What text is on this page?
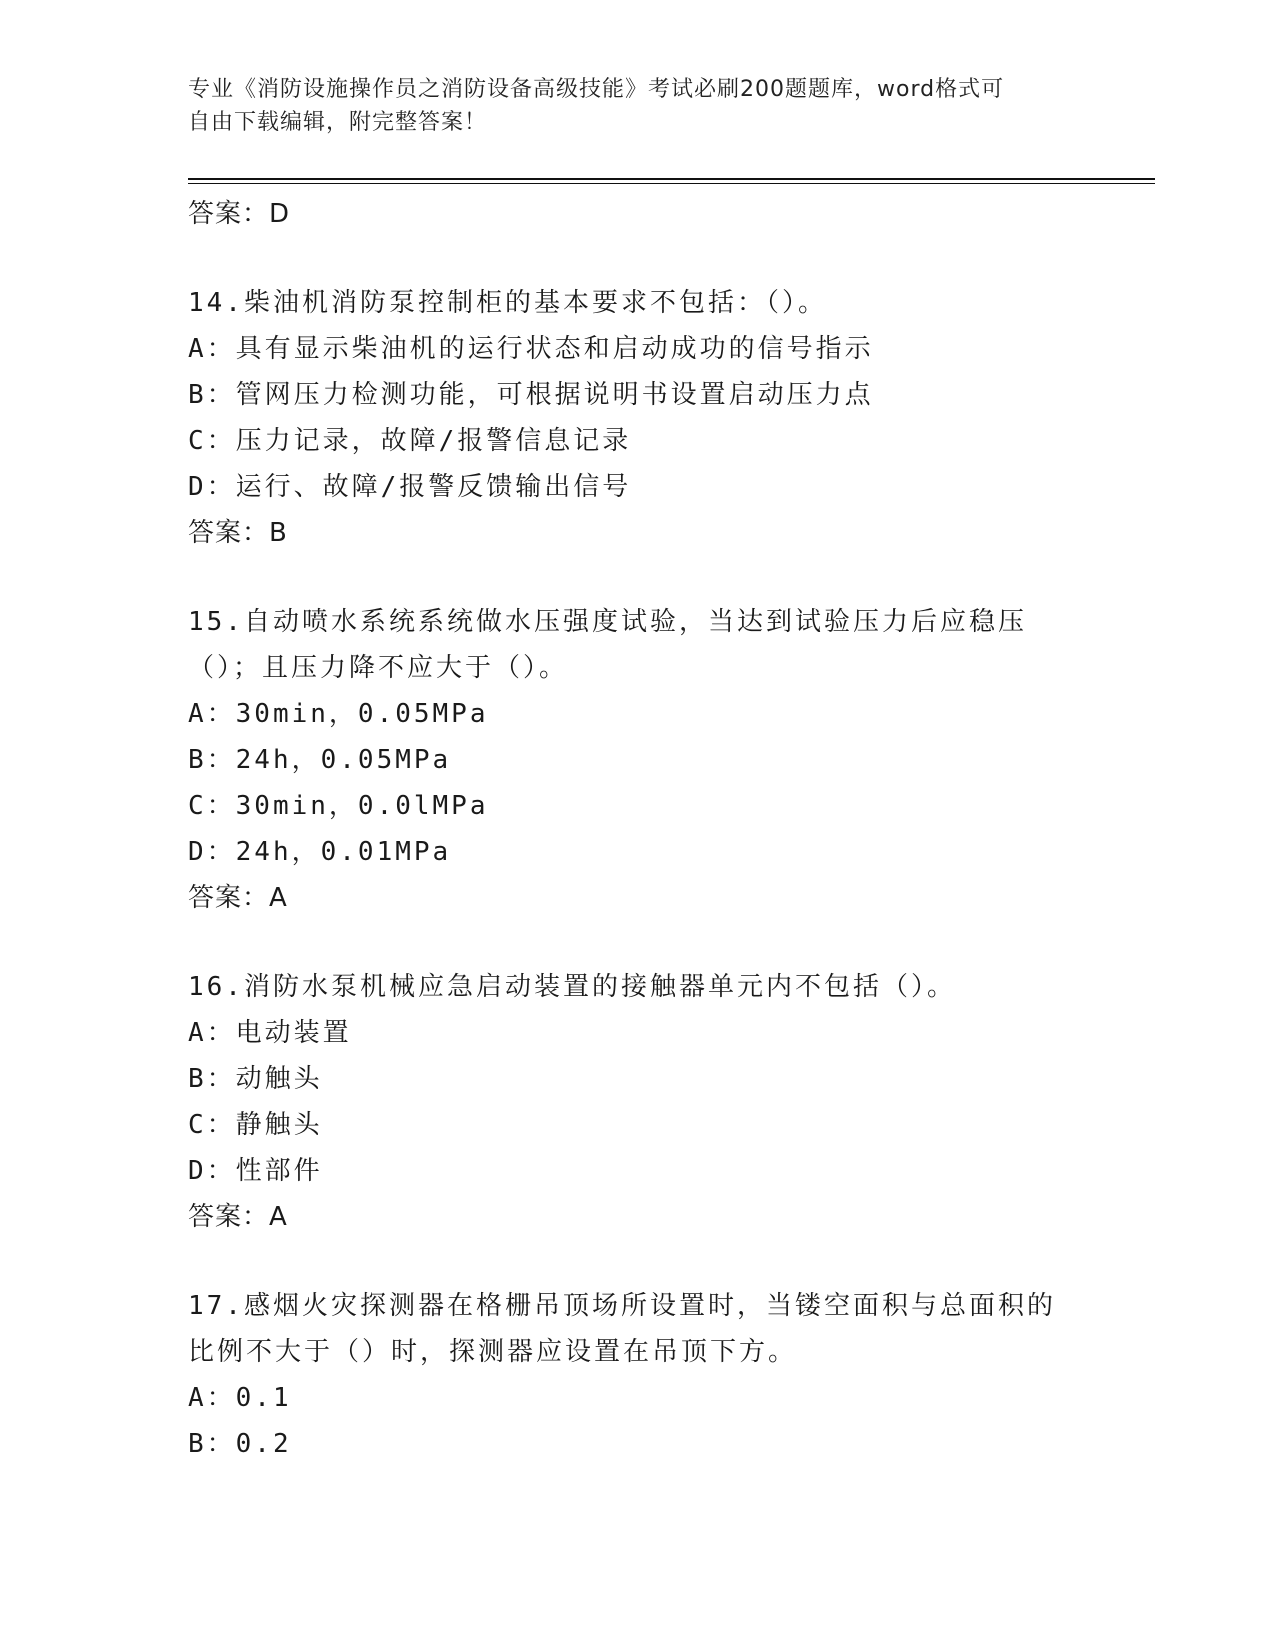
专业《消防设施操作员之消防设备高级技能》考试必刷200题题库，word格式可
自由下载编辑，附完整答案！
答案：D
14.柴油机消防泵控制柜的基本要求不包括：（）。
A：具有显示柴油机的运行状态和启动成功的信号指示
B：管网压力检测功能，可根据说明书设置启动压力点
C：压力记录，故障/报警信息记录
D：运行、故障/报警反馈输出信号
答案：B
15.自动喷水系统系统做水压强度试验，当达到试验压力后应稳压（）；且压力降不应大于（）。
A：30min，0.05MPa
B：24h，0.05MPa
C：30min，0.0lMPa
D：24h，0.01MPa
答案：A
16.消防水泵机械应急启动装置的接触器单元内不包括（）。
A：电动装置
B：动触头
C：静触头
D：性部件
答案：A
17.感烟火灾探测器在格栅吊顶场所设置时，当镂空面积与总面积的比例不大于（）时，探测器应设置在吊顶下方。
A：0.1
B：0.2
